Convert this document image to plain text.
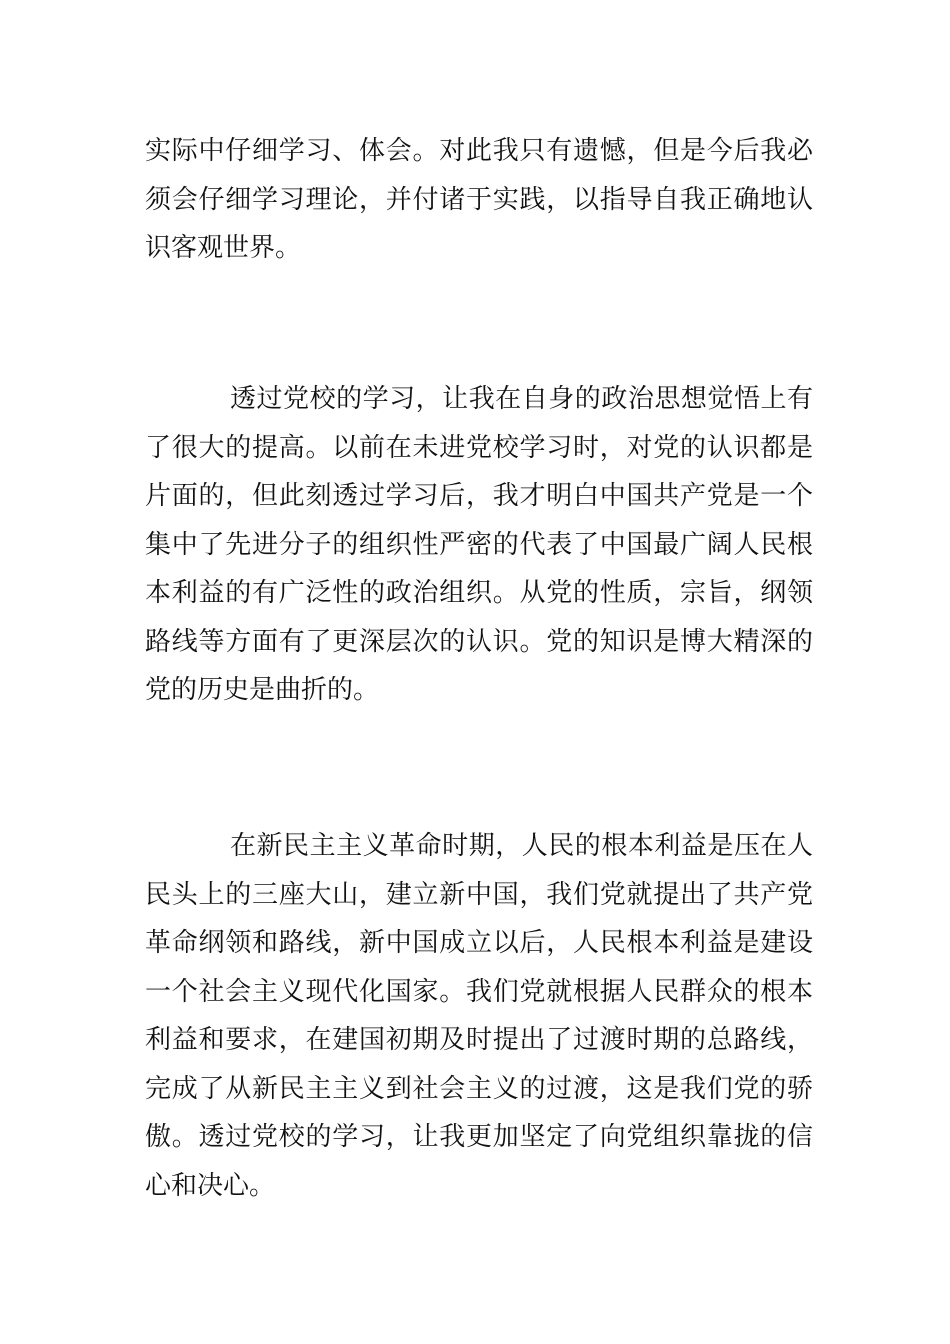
实际中仔细学习、体会。对此我只有遗憾，但是今后我必须会仔细学习理论，并付诸于实践，以指导自我正确地认识客观世界。

透过党校的学习，让我在自身的政治思想觉悟上有了很大的提高。以前在未进党校学习时，对党的认识都是片面的，但此刻透过学习后，我才明白中国共产党是一个集中了先进分子的组织性严密的代表了中国最广阔人民根本利益的有广泛性的政治组织。从党的性质，宗旨，纲领路线等方面有了更深层次的认识。党的知识是博大精深的党的历史是曲折的。

在新民主主义革命时期，人民的根本利益是压在人民头上的三座大山，建立新中国，我们党就提出了共产党革命纲领和路线，新中国成立以后，人民根本利益是建设一个社会主义现代化国家。我们党就根据人民群众的根本利益和要求，在建国初期及时提出了过渡时期的总路线，完成了从新民主主义到社会主义的过渡，这是我们党的骄傲。透过党校的学习，让我更加坚定了向党组织靠拢的信心和决心。
